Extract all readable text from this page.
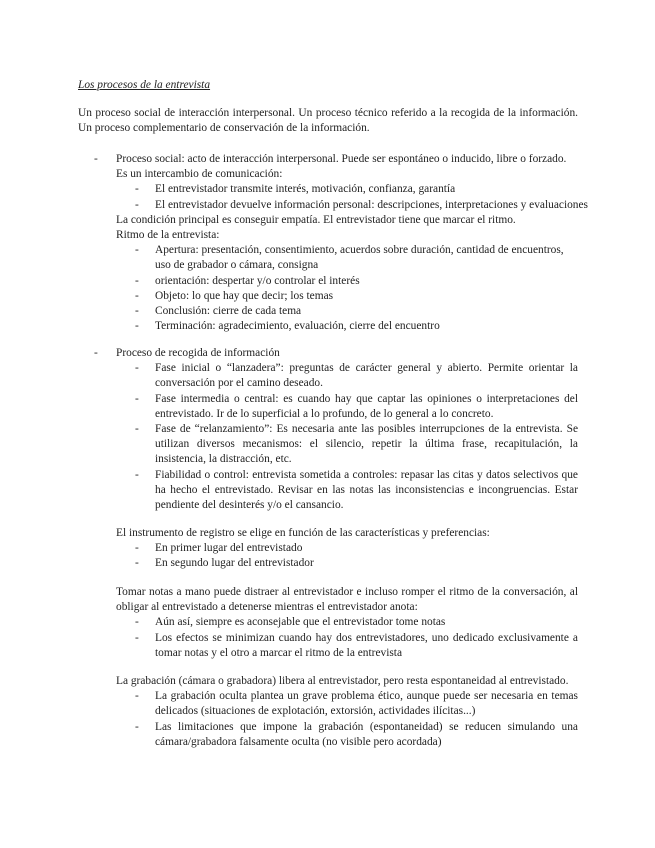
Los procesos de la entrevista
Un proceso social de interacción interpersonal. Un proceso técnico referido a la recogida de la información. Un proceso complementario de conservación de la información.
- Proceso social: acto de interacción interpersonal. Puede ser espontáneo o inducido, libre o forzado. Es un intercambio de comunicación:
- El entrevistador transmite interés, motivación, confianza, garantía
- El entrevistador devuelve información personal: descripciones, interpretaciones y evaluaciones
La condición principal es conseguir empatía. El entrevistador tiene que marcar el ritmo.
Ritmo de la entrevista:
- Apertura: presentación, consentimiento, acuerdos sobre duración, cantidad de encuentros, uso de grabador o cámara, consigna
- orientación: despertar y/o controlar el interés
- Objeto: lo que hay que decir; los temas
- Conclusión: cierre de cada tema
- Terminación: agradecimiento, evaluación, cierre del encuentro
- Proceso de recogida de información
- Fase inicial o “lanzadera”: preguntas de carácter general y abierto. Permite orientar la conversación por el camino deseado.
- Fase intermedia o central: es cuando hay que captar las opiniones o interpretaciones del entrevistado. Ir de lo superficial a lo profundo, de lo general a lo concreto.
- Fase de “relanzamiento”: Es necesaria ante las posibles interrupciones de la entrevista. Se utilizan diversos mecanismos: el silencio, repetir la última frase, recapitulación, la insistencia, la distracción, etc.
- Fiabilidad o control: entrevista sometida a controles: repasar las citas y datos selectivos que ha hecho el entrevistado. Revisar en las notas las inconsistencias e incongruencias. Estar pendiente del desinterés y/o el cansancio.
El instrumento de registro se elige en función de las características y preferencias:
- En primer lugar del entrevistado
- En segundo lugar del entrevistador
Tomar notas a mano puede distraer al entrevistador e incluso romper el ritmo de la conversación, al obligar al entrevistado a detenerse mientras el entrevistador anota:
- Aún así, siempre es aconsejable que el entrevistador tome notas
- Los efectos se minimizan cuando hay dos entrevistadores, uno dedicado exclusivamente a tomar notas y el otro a marcar el ritmo de la entrevista
La grabación (cámara o grabadora) libera al entrevistador, pero resta espontaneidad al entrevistado.
- La grabación oculta plantea un grave problema ético, aunque puede ser necesaria en temas delicados (situaciones de explotación, extorsión, actividades ilícitas...)
- Las limitaciones que impone la grabación (espontaneidad) se reducen simulando una cámara/grabadora falsamente oculta (no visible pero acordada)
